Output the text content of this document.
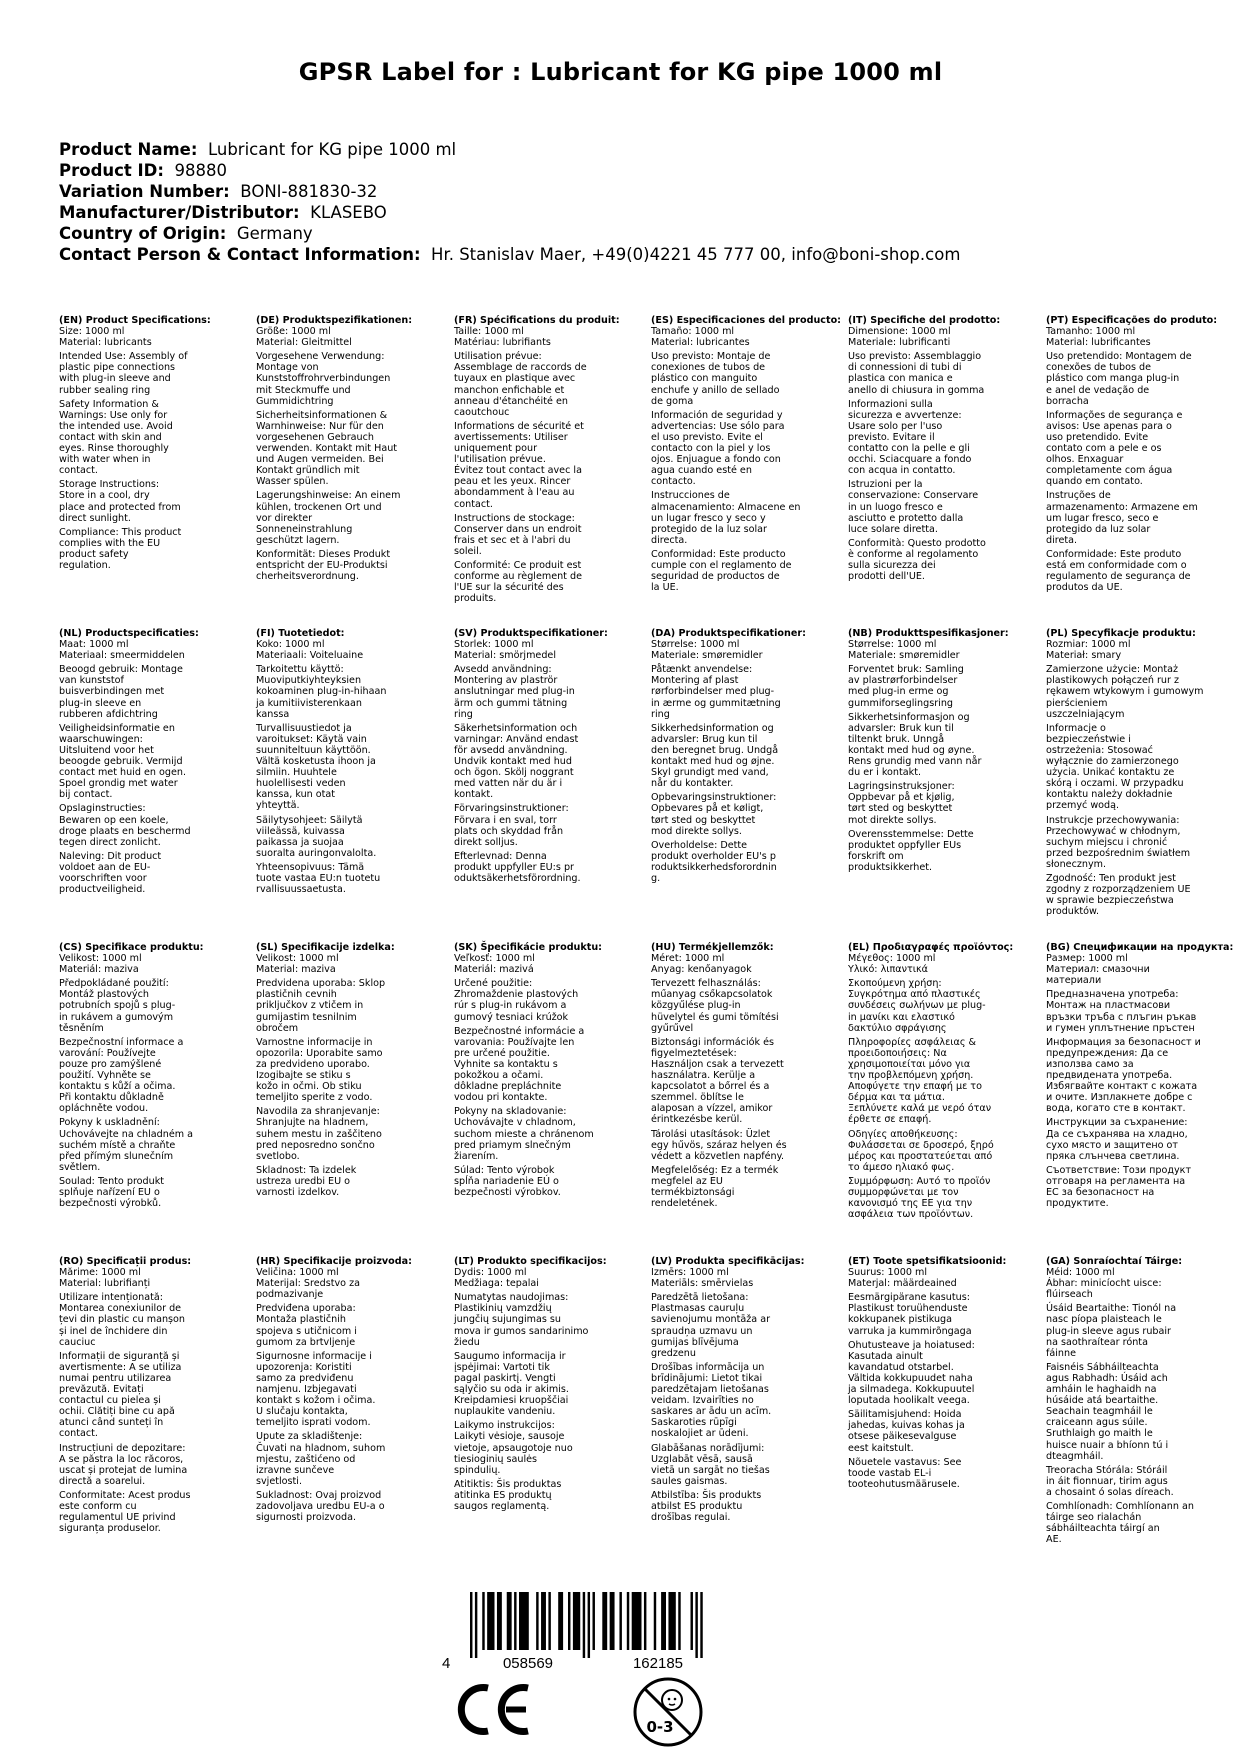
GPSR Label for : Lubricant for KG pipe 1000 ml
Product Name: Lubricant for KG pipe 1000 ml
Product ID: 98880
Variation Number: BONI-881830-32
Manufacturer/Distributor: KLASEBO
Country of Origin: Germany
Contact Person & Contact Information: Hr. Stanislav Maer, +49(0)4221 45 777 00, info@boni-shop.com
(EN) Product Specifications:
Size: 1000 ml
Material: lubricants
Intended Use: Assembly of
plastic pipe connections
with plug-in sleeve and
rubber sealing ring
Safety Information &
Warnings: Use only for
the intended use. Avoid
contact with skin and
eyes. Rinse thoroughly
with water when in
contact.
Storage Instructions:
Store in a cool, dry
place and protected from
direct sunlight.
Compliance: This product
complies with the EU
product safety
regulation.
(DE) Produktspezifikationen:
Größe: 1000 ml
Material: Gleitmittel
Vorgesehene Verwendung:
Montage von
Kunststoffrohrverbindungen
mit Steckmuffe und
Gummidichtring
Sicherheitsinformationen &
Warnhinweise: Nur für den
vorgesehenen Gebrauch
verwenden. Kontakt mit Haut
und Augen vermeiden. Bei
Kontakt gründlich mit
Wasser spülen.
Lagerungshinweise: An einem
kühlen, trockenen Ort und
vor direkter
Sonneneinstrahlung
geschützt lagern.
Konformität: Dieses Produkt
entspricht der EU-Produktsi
cherheitsverordnung.
(FR) Spécifications du produit:
Taille: 1000 ml
Matériau: lubrifiants
Utilisation prévue:
Assemblage de raccords de
tuyaux en plastique avec
manchon enfichable et
anneau d'étanchéité en
caoutchouc
Informations de sécurité et
avertissements: Utiliser
uniquement pour
l'utilisation prévue.
Évitez tout contact avec la
peau et les yeux. Rincer
abondamment à l'eau au
contact.
Instructions de stockage:
Conserver dans un endroit
frais et sec et à l'abri du
soleil.
Conformité: Ce produit est
conforme au règlement de
l'UE sur la sécurité des
produits.
(ES) Especificaciones del producto:
Tamaño: 1000 ml
Material: lubricantes
Uso previsto: Montaje de
conexiones de tubos de
plástico con manguito
enchufe y anillo de sellado
de goma
Información de seguridad y
advertencias: Use sólo para
el uso previsto. Evite el
contacto con la piel y los
ojos. Enjuague a fondo con
agua cuando esté en
contacto.
Instrucciones de
almacenamiento: Almacene en
un lugar fresco y seco y
protegido de la luz solar
directa.
Conformidad: Este producto
cumple con el reglamento de
seguridad de productos de
la UE.
(IT) Specifiche del prodotto:
Dimensione: 1000 ml
Materiale: lubrificanti
Uso previsto: Assemblaggio
di connessioni di tubi di
plastica con manica e
anello di chiusura in gomma
Informazioni sulla
sicurezza e avvertenze:
Usare solo per l'uso
previsto. Evitare il
contatto con la pelle e gli
occhi. Sciacquare a fondo
con acqua in contatto.
Istruzioni per la
conservazione: Conservare
in un luogo fresco e
asciutto e protetto dalla
luce solare diretta.
Conformità: Questo prodotto
è conforme al regolamento
sulla sicurezza dei
prodotti dell'UE.
(PT) Especificações do produto:
Tamanho: 1000 ml
Material: lubrificantes
Uso pretendido: Montagem de
conexões de tubos de
plástico com manga plug-in
e anel de vedação de
borracha
Informações de segurança e
avisos: Use apenas para o
uso pretendido. Evite
contato com a pele e os
olhos. Enxaguar
completamente com água
quando em contato.
Instruções de
armazenamento: Armazene em
um lugar fresco, seco e
protegido da luz solar
direta.
Conformidade: Este produto
está em conformidade com o
regulamento de segurança de
produtos da UE.
(NL) Productspecificaties:
Maat: 1000 ml
Materiaal: smeermiddelen
Beoogd gebruik: Montage
van kunststof
buisverbindingen met
plug-in sleeve en
rubberen afdichtring
Veiligheidsinformatie en
waarschuwingen:
Uitsluitend voor het
beoogde gebruik. Vermijd
contact met huid en ogen.
Spoel grondig met water
bij contact.
Opslaginstructies:
Bewaren op een koele,
droge plaats en beschermd
tegen direct zonlicht.
Naleving: Dit product
voldoet aan de EU-
voorschriften voor
productveiligheid.
(FI) Tuotetiedot:
Koko: 1000 ml
Materiaali: Voiteluaine
Tarkoitettu käyttö:
Muoviputkiyhteyksien
kokoaminen plug-in-hihaan
ja kumitiivisterenkaan
kanssa
Turvallisuustiedot ja
varoitukset: Käytä vain
suunniteltuun käyttöön.
Vältä kosketusta ihoon ja
silmiin. Huuhtele
huolellisesti veden
kanssa, kun otat
yhteyttä.
Säilytysohjeet: Säilytä
viileässä, kuivassa
paikassa ja suojaa
suoralta auringonvalolta.
Yhteensopivuus: Tämä
tuote vastaa EU:n tuotetu
rvallisuussaetusta.
(SV) Produktspecifikationer:
Storlek: 1000 ml
Material: smörjmedel
Avsedd användning:
Montering av plaströr
anslutningar med plug-in
ärm och gummi tätning
ring
Säkerhetsinformation och
varningar: Använd endast
för avsedd användning.
Undvik kontakt med hud
och ögon. Skölj noggrant
med vatten när du är i
kontakt.
Förvaringsinstruktioner:
Förvara i en sval, torr
plats och skyddad från
direkt solljus.
Efterlevnad: Denna
produkt uppfyller EU:s pr
oduktsäkerhetsförordning.
(DA) Produktspecifikationer:
Størrelse: 1000 ml
Materiale: smøremidler
Påtænkt anvendelse:
Montering af plast
rørforbindelser med plug-
in ærme og gummitætning
ring
Sikkerhedsinformation og
advarsler: Brug kun til
den beregnet brug. Undgå
kontakt med hud og øjne.
Skyl grundigt med vand,
når du kontakter.
Opbevaringsinstruktioner:
Opbevares på et køligt,
tørt sted og beskyttet
mod direkte sollys.
Overholdelse: Dette
produkt overholder EU's p
roduktsikkerhedsforordnin
g.
(NB) Produkttspesifikasjoner:
Størrelse: 1000 ml
Materiale: smøremidler
Forventet bruk: Samling
av plastrørforbindelser
med plug-in erme og
gummiforseglingsring
Sikkerhetsinformasjon og
advarsler: Bruk kun til
tiltenkt bruk. Unngå
kontakt med hud og øyne.
Rens grundig med vann når
du er i kontakt.
Lagringsinstruksjoner:
Oppbevar på et kjølig,
tørt sted og beskyttet
mot direkte sollys.
Overensstemmelse: Dette
produktet oppfyller EUs
forskrift om
produktsikkerhet.
(PL) Specyfikacje produktu:
Rozmiar: 1000 ml
Materiał: smary
Zamierzone użycie: Montaż
plastikowych połączeń rur z
rękawem wtykowym i gumowym
pierścieniem
uszczelniającym
Informacje o
bezpieczeństwie i
ostrzeżenia: Stosować
wyłącznie do zamierzonego
użycia. Unikać kontaktu ze
skórą i oczami. W przypadku
kontaktu należy dokładnie
przemyć wodą.
Instrukcje przechowywania:
Przechowywać w chłodnym,
suchym miejscu i chronić
przed bezpośrednim światłem
słonecznym.
Zgodność: Ten produkt jest
zgodny z rozporządzeniem UE
w sprawie bezpieczeństwa
produktów.
(CS) Specifikace produktu:
Velikost: 1000 ml
Materiál: maziva
Předpokládané použití:
Montáž plastových
potrubních spojů s plug-
in rukávem a gumovým
těsněním
Bezpečnostní informace a
varování: Používejte
pouze pro zamýšlené
použití. Vyhněte se
kontaktu s kůží a očima.
Při kontaktu důkladně
opláchněte vodou.
Pokyny k uskladnění:
Uchovávejte na chladném a
suchém místě a chraňte
před přímým slunečním
světlem.
Soulad: Tento produkt
splňuje nařízení EU o
bezpečnosti výrobků.
(SL) Specifikacije izdelka:
Velikost: 1000 ml
Material: maziva
Predvidena uporaba: Sklop
plastičnih cevnih
priključkov z vtičem in
gumijastim tesnilnim
obročem
Varnostne informacije in
opozorila: Uporabite samo
za predvideno uporabo.
Izogibajte se stiku s
kožo in očmi. Ob stiku
temeljito sperite z vodo.
Navodila za shranjevanje:
Shranjujte na hladnem,
suhem mestu in zaščiteno
pred neposredno sončno
svetlobo.
Skladnost: Ta izdelek
ustreza uredbi EU o
varnosti izdelkov.
(SK) Špecifikácie produktu:
Veľkosť: 1000 ml
Materiál: mazivá
Určené použitie:
Zhromaždenie plastových
rúr s plug-in rukávom a
gumový tesniaci krúžok
Bezpečnostné informácie a
varovania: Používajte len
pre určené použitie.
Vyhnite sa kontaktu s
pokožkou a očami.
dôkladne prepláchnite
vodou pri kontakte.
Pokyny na skladovanie:
Uchovávajte v chladnom,
suchom mieste a chránenom
pred priamym slnečným
žiarením.
Súlad: Tento výrobok
spĺňa nariadenie EÚ o
bezpečnosti výrobkov.
(HU) Termékjellemzők:
Méret: 1000 ml
Anyag: kenőanyagok
Tervezett felhasználás:
műanyag csőkapcsolatok
közgyűlése plug-in
hüvelytel és gumi tömítési
gyűrűvel
Biztonsági információk és
figyelmeztetések:
Használjon csak a tervezett
használatra. Kerülje a
kapcsolatot a bőrrel és a
szemmel. öblítse le
alaposan a vízzel, amikor
érintkezésbe kerül.
Tárolási utasítások: Üzlet
egy hűvös, száraz helyen és
védett a közvetlen napfény.
Megfelelőség: Ez a termék
megfelel az EU
termékbiztonsági
rendeletének.
(EL) Προδιαγραφές προϊόντος:
Μέγεθος: 1000 ml
Υλικό: λιπαντικά
Σκοπούμενη χρήση:
Συγκρότημα από πλαστικές
συνδέσεις σωλήνων με plug-
in μανίκι και ελαστικό
δακτύλιο σφράγισης
Πληροφορίες ασφάλειας &
προειδοποιήσεις: Να
χρησιμοποιείται μόνο για
την προβλεπόμενη χρήση.
Αποφύγετε την επαφή με το
δέρμα και τα μάτια.
Ξεπλύνετε καλά με νερό όταν
έρθετε σε επαφή.
Οδηγίες αποθήκευσης:
Φυλάσσεται σε δροσερό, ξηρό
μέρος και προστατεύεται από
το άμεσο ηλιακό φως.
Συμμόρφωση: Αυτό το προϊόν
συμμορφώνεται με τον
κανονισμό της ΕΕ για την
ασφάλεια των προϊόντων.
(BG) Спецификации на продукта:
Размер: 1000 ml
Материал: смазочни
материали
Предназначена употреба:
Монтаж на пластмасови
връзки тръба с плъгин ръкав
и гумен уплътнение пръстен
Информация за безопасност и
предупреждения: Да се
използва само за
предвидената употреба.
Избягвайте контакт с кожата
и очите. Изплакнете добре с
вода, когато сте в контакт.
Инструкции за съхранение:
Да се съхранява на хладно,
сухо място и защитено от
пряка слънчева светлина.
Съответствие: Този продукт
отговаря на регламента на
ЕС за безопасност на
продуктите.
(RO) Specificații produs:
Mărime: 1000 ml
Material: lubrifianți
Utilizare intenționată:
Montarea conexiunilor de
țevi din plastic cu manșon
și inel de închidere din
cauciuc
Informații de siguranță și
avertismente: A se utiliza
numai pentru utilizarea
prevăzută. Evitați
contactul cu pielea și
ochii. Clătiți bine cu apă
atunci când sunteți în
contact.
Instrucțiuni de depozitare:
A se păstra la loc răcoros,
uscat și protejat de lumina
directă a soarelui.
Conformitate: Acest produs
este conform cu
regulamentul UE privind
siguranța produselor.
(HR) Specifikacije proizvoda:
Veličina: 1000 ml
Materijal: Sredstvo za
podmazivanje
Predviđena uporaba:
Montaža plastičnih
spojeva s utičnicom i
gumom za brtvljenje
Sigurnosne informacije i
upozorenja: Koristiti
samo za predviđenu
namjenu. Izbjegavati
kontakt s kožom i očima.
U slučaju kontakta,
temeljito isprati vodom.
Upute za skladištenje:
Čuvati na hladnom, suhom
mjestu, zaštićeno od
izravne sunčeve
svjetlosti.
Sukladnost: Ovaj proizvod
zadovoljava uredbu EU-a o
sigurnosti proizvoda.
(LT) Produkto specifikacijos:
Dydis: 1000 ml
Medžiaga: tepalai
Numatytas naudojimas:
Plastikinių vamzdžių
jungčių sujungimas su
mova ir gumos sandarinimo
žiedu
Saugumo informacija ir
įspėjimai: Vartoti tik
pagal paskirtį. Vengti
sąlyčio su oda ir akimis.
Kreipdamiesi kruopščiai
nuplaukite vandeniu.
Laikymo instrukcijos:
Laikyti vėsioje, sausoje
vietoje, apsaugotoje nuo
tiesioginių saulės
spindulių.
Atitiktis: Šis produktas
atitinka ES produktų
saugos reglamentą.
(LV) Produkta specifikācijas:
Izmērs: 1000 ml
Materiāls: smērvielas
Paredzētā lietošana:
Plastmasas cauruļu
savienojumu montāža ar
spraudņa uzmavu un
gumijas blīvējuma
gredzenu
Drošības informācija un
brīdinājumi: Lietot tikai
paredzētajam lietošanas
veidam. Izvairīties no
saskares ar ādu un acīm.
Saskaroties rūpīgi
noskalojiet ar ūdeni.
Glabāšanas norādījumi:
Uzglabāt vēsā, sausā
vietā un sargāt no tiešas
saules gaismas.
Atbilstība: Šis produkts
atbilst ES produktu
drošības regulai.
(ET) Toote spetsifikatsioonid:
Suurus: 1000 ml
Materjal: määrdeained
Eesmärgipärane kasutus:
Plastikust toruühenduste
kokkupanek pistikuga
varruka ja kummirõngaga
Ohutusteave ja hoiatused:
Kasutada ainult
kavandatud otstarbel.
Vältida kokkupuudet naha
ja silmadega. Kokkupuutel
loputada hoolikalt veega.
Säilitamisjuhend: Hoida
jahedas, kuivas kohas ja
otsese päikesevalguse
eest kaitstult.
Nõuetele vastavus: See
toode vastab EL-i
tooteohutusmääruseIe.
(GA) Sonraíochtaí Táirge:
Méid: 1000 ml
Ábhar: minicíocht uisce:
flúirseach
Úsáid Beartaithe: Tionól na
nasc píopa plaisteach le
plug-in sleeve agus rubair
na saothraítear rónta
fáinne
Faisnéis Sábháilteachta
agus Rabhadh: Úsáid ach
amháin le haghaidh na
húsáide atá beartaithe.
Seachain teagmháil le
craiceann agus súile.
Sruthlaigh go maith le
huisce nuair a bhíonn tú i
dteagmháil.
Treoracha Stórála: Stóráil
in áit fionnuar, tirim agus
a chosaint ó solas díreach.
Comhlíonadh: Comhlíonann an
táirge seo rialachán
sábháilteachta táirgí an
AE.
4	058569	162185
0-3
